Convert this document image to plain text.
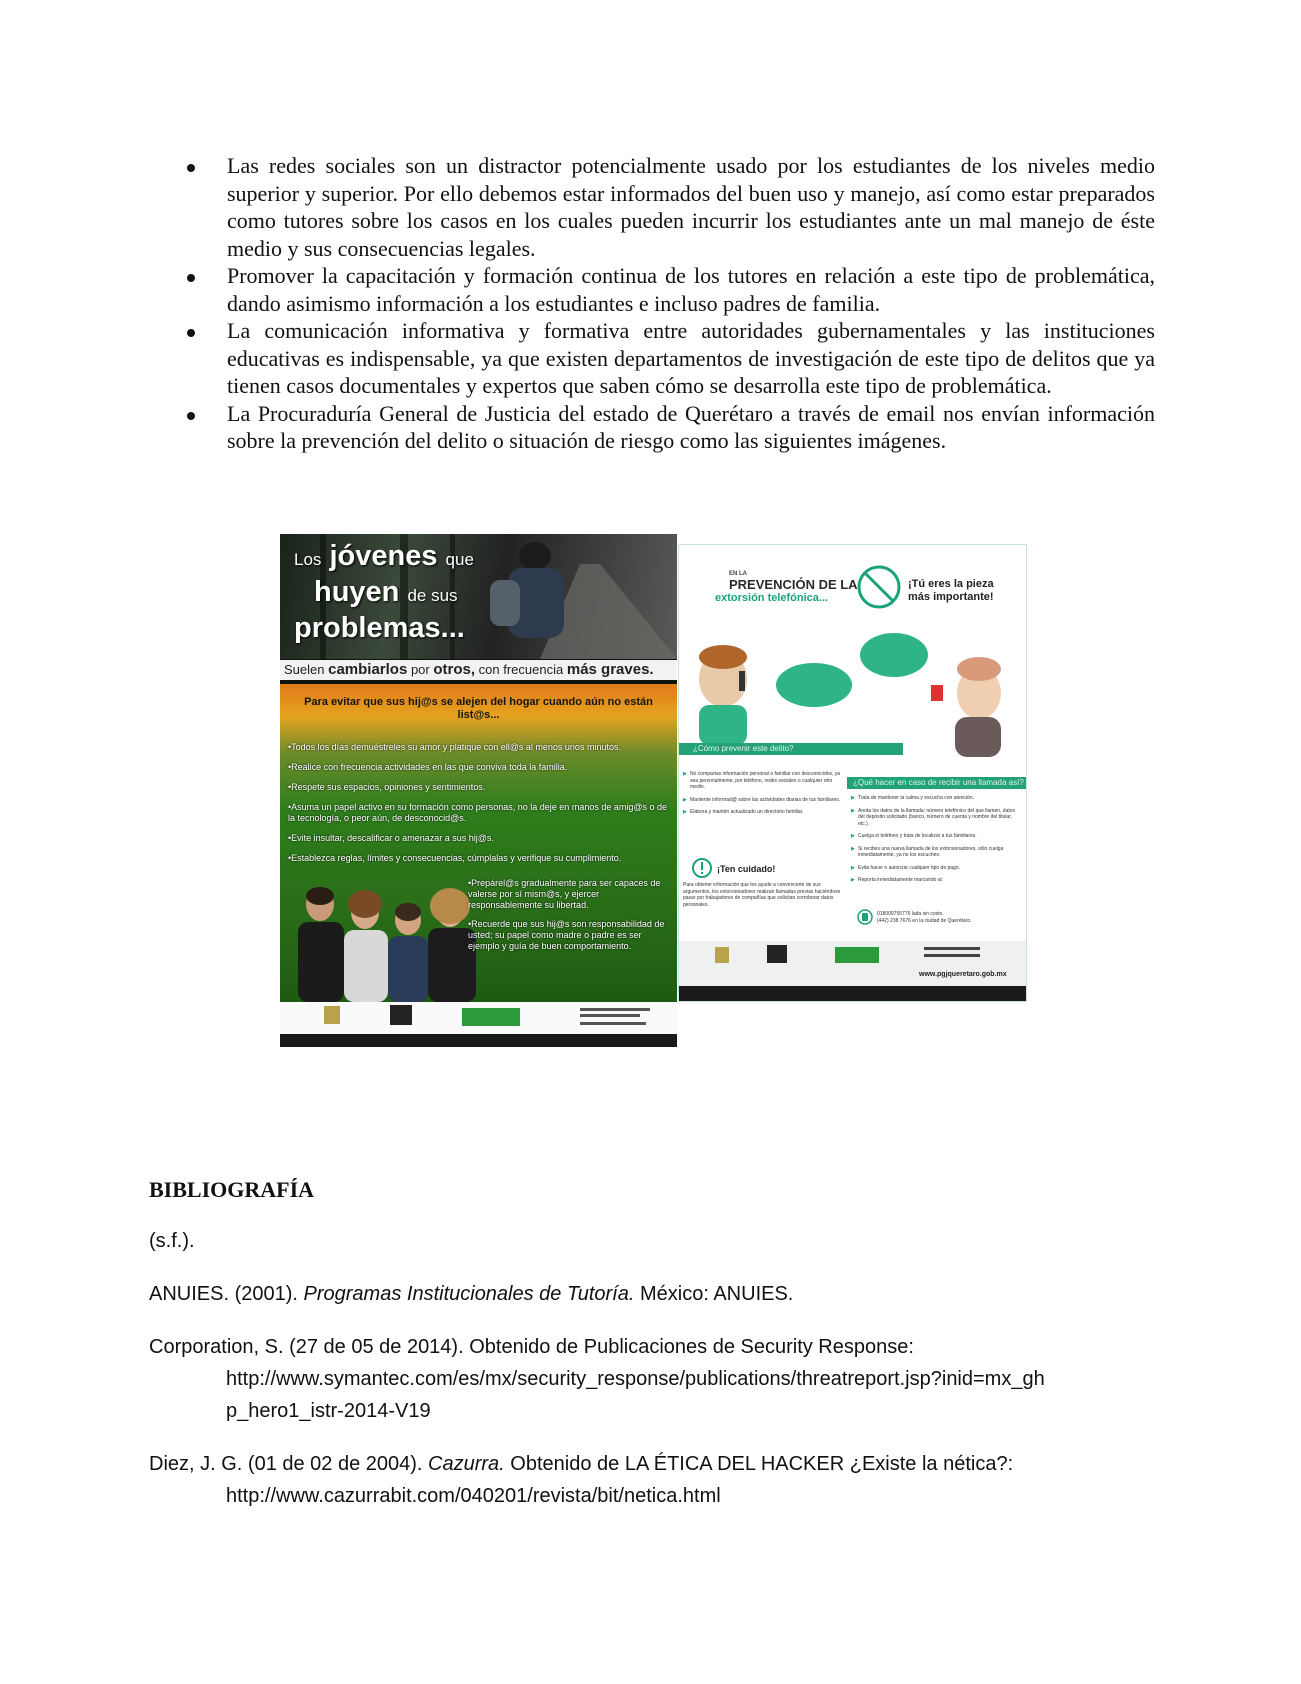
Las redes sociales son un distractor potencialmente usado por los estudiantes de los niveles medio superior y superior. Por ello debemos estar informados del buen uso y manejo, así como estar preparados como tutores sobre los casos en los cuales pueden incurrir los estudiantes ante un mal manejo de éste medio y sus consecuencias legales.
Promover la capacitación y formación continua de los tutores en relación a este tipo de problemática, dando asimismo información a los estudiantes e incluso padres de familia.
La comunicación informativa y formativa entre autoridades gubernamentales y las instituciones educativas es indispensable, ya que existen departamentos de investigación de este tipo de delitos que ya tienen casos documentales y expertos que saben cómo se desarrolla este tipo de problemática.
La Procuraduría General de Justicia del estado de Querétaro a través de email nos envían información sobre la prevención del delito o situación de riesgo como las siguientes imágenes.
Los jóvenes que
huyen de sus
problemas...
Suelen cambiarlos por otros, con frecuencia más graves.
Para evitar que sus hij@s se alejen del hogar cuando aún no están list@s...
•Todos los días demuéstreles su amor y platique con ell@s al menos unos minutos.
•Realice con frecuencia actividades en las que conviva toda la familia.
•Respete sus espacios, opiniones y sentimientos.
•Asuma un papel activo en su formación como personas, no la deje en manos de amig@s o de la tecnología, o peor aún, de desconocid@s.
•Evite insultar, descalificar o amenazar a sus hij@s.
•Establezca reglas, límites y consecuencias, cúmplalas y verifique su cumplimiento.
•Prepárel@s gradualmente para ser capaces de valerse por sí mism@s, y ejercer responsablemente su libertad.
•Recuerde que sus hij@s son responsabilidad de usted; su papel como madre o padre es ser ejemplo y guía de buen comportamiento.
EN LA
PREVENCIÓN DE LA
extorsión telefónica...
¡Tú eres la pieza más importante!
¿Cómo prevenir este delito?
¿Qué hacer en caso de recibir una llamada así?
▶ No compartas información personal o familiar con desconocidos, ya sea personalmente, por teléfono, redes sociales o cualquier otro medio.
▶ Mantente informad@ sobre las actividades diarias de tus familiares.
▶ Elabora y mantén actualizado un directorio familiar.
▶ Trata de mantener la calma y escucha con atención.
▶ Anota los datos de la llamada: número telefónico del que llamen, datos del depósito solicitado (banco, número de cuenta y nombre del titular, etc.).
▶ Cuelga el teléfono y trata de localizar a tus familiares.
▶ Si recibes una nueva llamada de los extorsionadores, sólo cuelga inmediatamente, ya no los escuches.
▶ Evita hacer o autorizar cualquier tipo de pago.
▶ Reporta inmediatamente marcando al:
¡Ten cuidado!
Para obtener información que les ayude a convencerte de sus argumentos, los extorsionadores realizan llamadas previas haciéndose pasar por trabajadores de compañías que solicitan corroborar datos personales.
018009755776 lada sin costo.
(442) 238 7676 en la ciudad de Querétaro.
www.pgjqueretaro.gob.mx
BIBLIOGRAFÍA

(s.f.).

ANUIES. (2001). Programas Institucionales de Tutoría. México: ANUIES.

Corporation, S. (27 de 05 de 2014). Obtenido de Publicaciones de Security Response:
http://www.symantec.com/es/mx/security_response/publications/threatreport.jsp?inid=mx_gh
p_hero1_istr-2014-V19

Diez, J. G. (01 de 02 de 2004). Cazurra. Obtenido de LA ÉTICA DEL HACKER ¿Existe la nética?:
http://www.cazurrabit.com/040201/revista/bit/netica.html
